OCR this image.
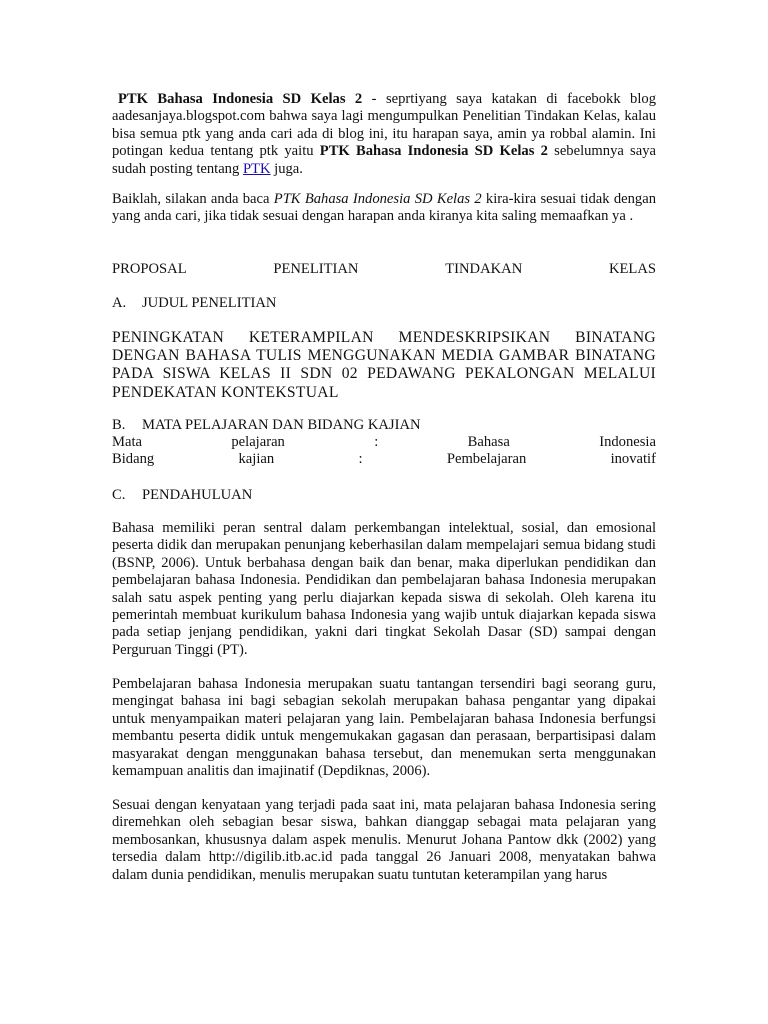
PTK Bahasa Indonesia SD Kelas 2 - seprtiyang saya katakan di facebokk blog aadesanjaya.blogspot.com bahwa saya lagi mengumpulkan Penelitian Tindakan Kelas, kalau bisa semua ptk yang anda cari ada di blog ini, itu harapan saya, amin ya robbal alamin. Ini potingan kedua tentang ptk yaitu PTK Bahasa Indonesia SD Kelas 2 sebelumnya saya sudah posting tentang PTK juga.
Baiklah, silakan anda baca PTK Bahasa Indonesia SD Kelas 2 kira-kira sesuai tidak dengan yang anda cari, jika tidak sesuai dengan harapan anda kiranya kita saling memaafkan ya .
PROPOSAL	PENELITIAN	TINDAKAN	KELAS
A.	JUDUL PENELITIAN
PENINGKATAN KETERAMPILAN MENDESKRIPSIKAN BINATANG DENGAN BAHASA TULIS MENGGUNAKAN MEDIA GAMBAR BINATANG PADA SISWA KELAS II SDN 02 PEDAWANG PEKALONGAN MELALUI PENDEKATAN KONTEKSTUAL
B.	MATA PELAJARAN DAN BIDANG KAJIAN
Mata	pelajaran	:	Bahasa	Indonesia
Bidang	kajian	:	Pembelajaran	inovatif
C.	PENDAHULUAN
Bahasa memiliki peran sentral dalam perkembangan intelektual, sosial, dan emosional peserta didik dan merupakan penunjang keberhasilan dalam mempelajari semua bidang studi (BSNP, 2006). Untuk berbahasa dengan baik dan benar, maka diperlukan pendidikan dan pembelajaran bahasa Indonesia. Pendidikan dan pembelajaran bahasa Indonesia merupakan salah satu aspek penting yang perlu diajarkan kepada siswa di sekolah. Oleh karena itu pemerintah membuat kurikulum bahasa Indonesia yang wajib untuk diajarkan kepada siswa pada setiap jenjang pendidikan, yakni dari tingkat Sekolah Dasar (SD) sampai dengan Perguruan Tinggi (PT).
Pembelajaran bahasa Indonesia merupakan suatu tantangan tersendiri bagi seorang guru, mengingat bahasa ini bagi sebagian sekolah merupakan bahasa pengantar yang dipakai untuk menyampaikan materi pelajaran yang lain. Pembelajaran bahasa Indonesia berfungsi membantu peserta didik untuk mengemukakan gagasan dan perasaan, berpartisipasi dalam masyarakat dengan menggunakan bahasa tersebut, dan menemukan serta menggunakan kemampuan analitis dan imajinatif (Depdiknas, 2006).
Sesuai dengan kenyataan yang terjadi pada saat ini, mata pelajaran bahasa Indonesia sering diremehkan oleh sebagian besar siswa, bahkan dianggap sebagai mata pelajaran yang membosankan, khususnya dalam aspek menulis. Menurut Johana Pantow dkk (2002) yang tersedia dalam http://digilib.itb.ac.id pada tanggal 26 Januari 2008, menyatakan bahwa dalam dunia pendidikan, menulis merupakan suatu tuntutan keterampilan yang harus
